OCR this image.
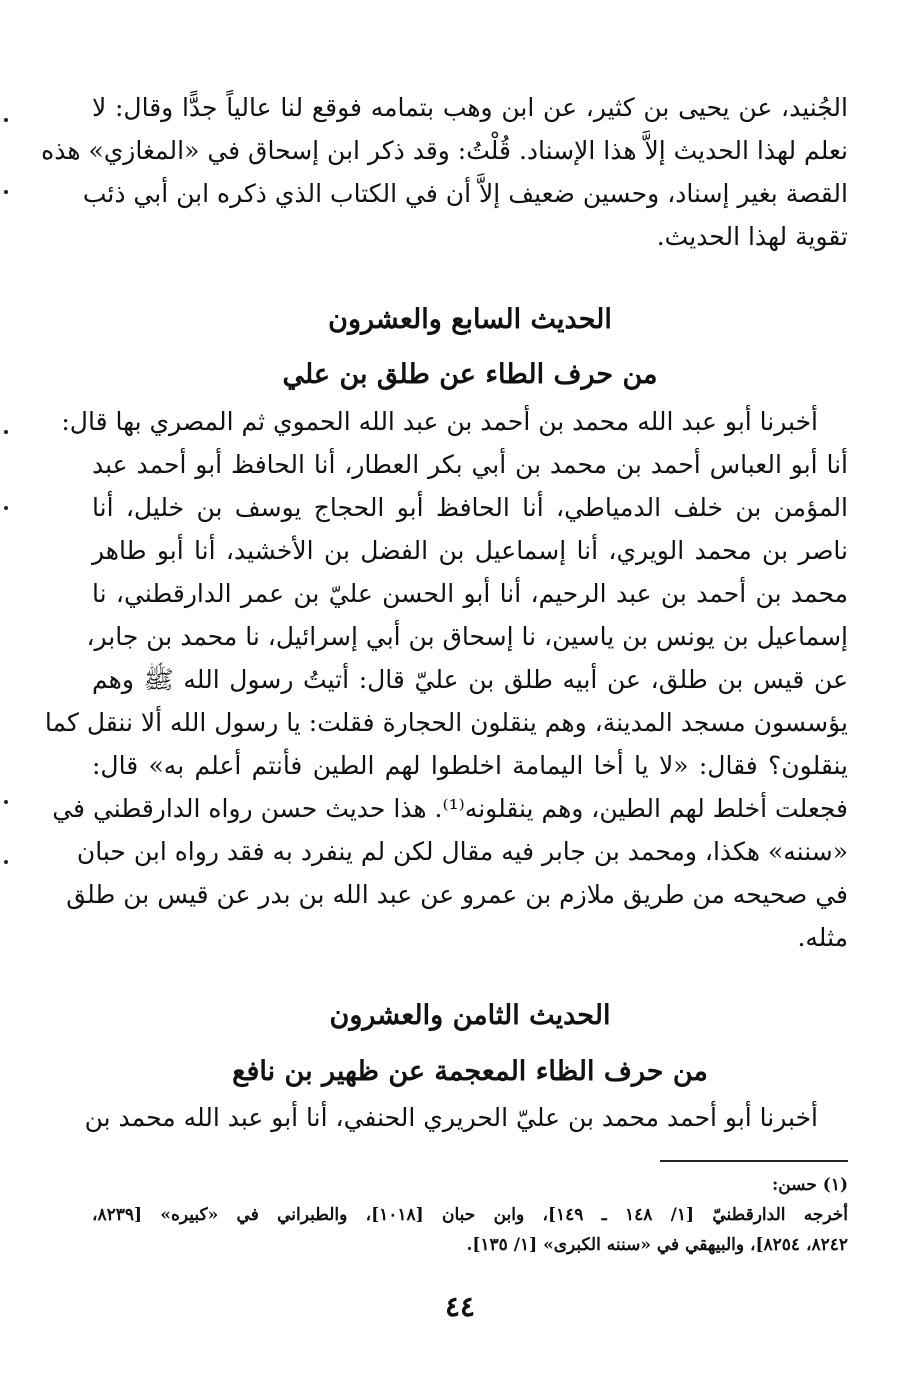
الجُنيد، عن يحيى بن كثير، عن ابن وهب بتمامه فوقع لنا عالياً جدًّا وقال: لا
نعلم لهذا الحديث إلاَّ هذا الإسناد. قُلْتُ: وقد ذكر ابن إسحاق في «المغازي» هذه
القصة بغير إسناد، وحسين ضعيف إلاَّ أن في الكتاب الذي ذكره ابن أبي ذئب
تقوية لهذا الحديث.
الحديث السابع والعشرون
من حرف الطاء عن طلق بن علي
أخبرنا أبو عبد الله محمد بن أحمد بن عبد الله الحموي ثم المصري بها قال:
أنا أبو العباس أحمد بن محمد بن أبي بكر العطار، أنا الحافظ أبو أحمد عبد
المؤمن بن خلف الدمياطي، أنا الحافظ أبو الحجاج يوسف بن خليل، أنا
ناصر بن محمد الويري، أنا إسماعيل بن الفضل بن الأخشيد، أنا أبو طاهر
محمد بن أحمد بن عبد الرحيم، أنا أبو الحسن عليّ بن عمر الدارقطني، نا
إسماعيل بن يونس بن ياسين، نا إسحاق بن أبي إسرائيل، نا محمد بن جابر،
عن قيس بن طلق، عن أبيه طلق بن عليّ قال: أتيتُ رسول الله ﷺ وهم
يؤسسون مسجد المدينة، وهم ينقلون الحجارة فقلت: يا رسول الله ألا ننقل كما
ينقلون؟ فقال: «لا يا أخا اليمامة اخلطوا لهم الطين فأنتم أعلم به» قال:
فجعلت أخلط لهم الطين، وهم ينقلونه⁽¹⁾. هذا حديث حسن رواه الدارقطني في
«سننه» هكذا، ومحمد بن جابر فيه مقال لكن لم ينفرد به فقد رواه ابن حبان
في صحيحه من طريق ملازم بن عمرو عن عبد الله بن بدر عن قيس بن طلق
مثله.
الحديث الثامن والعشرون
من حرف الظاء المعجمة عن ظهير بن نافع
أخبرنا أبو أحمد محمد بن عليّ الحريري الحنفي، أنا أبو عبد الله محمد بن
(١) حسن:
أخرجه الدارقطنيّ [١/ ١٤٨ ـ ١٤٩]، وابن حبان [١٠١٨]، والطبراني في «كبيره» [٨٢٣٩،
٨٢٤٢، ٨٢٥٤]، والبيهقي في «سننه الكبرى» [١/ ١٣٥].
٤٤
